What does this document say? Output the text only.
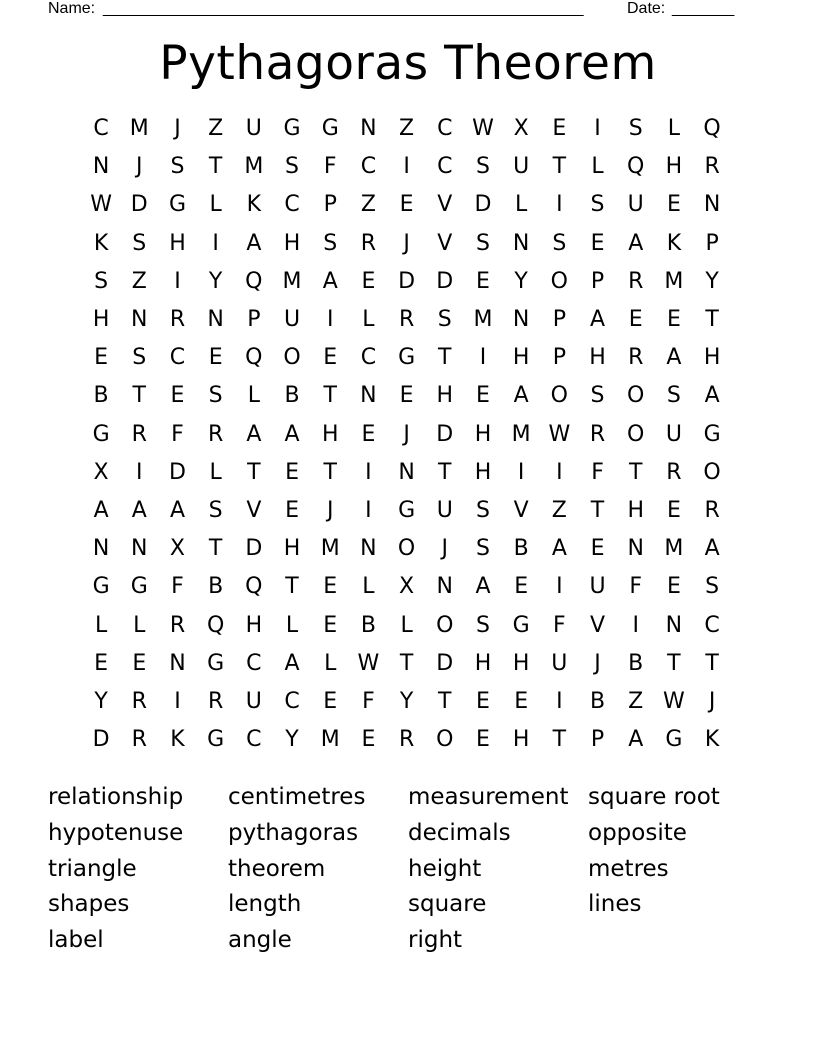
Name: ______________________________________________________	Date: _______
Pythagoras Theorem
C M	J	Z	U G G N	Z	C W X	E	I	S	L	Q
N	J	S	T M S	F	C	I	C	S	U	T	L	Q H	R
W D G	L	K	C	P	Z	E	V	D	L	I	S	U	E	N
K	S	H	I	A	H	S	R	J	V	S	N	S	E	A	K	P
S	Z	I	Y	Q M A	E	D D	E	Y	O	P	R M Y
H N	R	N	P	U	I	L	R	S M N	P	A	E	E	T
E	S	C	E	Q O	E	C G	T	I	H	P	H	R	A	H
B	T	E	S	L	B	T	N	E	H	E	A O	S	O	S	A
G	R	F	R	A	A	H	E	J	D H M W R O U G
X	I	D	L	T	E	T	I	N	T	H	I	I	F	T	R O
A	A	A	S	V	E	J	I	G U	S	V	Z	T	H	E	R
N N	X	T	D H M N O	J	S	B	A	E	N M A
G G	F	B Q	T	E	L	X	N	A	E	I	U	F	E	S
L	L	R Q H	L	E	B	L	O	S	G	F	V	I	N	C
E	E	N G C	A	L W T	D H H U	J	B	T	T
Y	R	I	R	U	C	E	F	Y	T	E	E	I	B	Z W	J
D	R	K	G C	Y M E	R O	E	H	T	P	A	G	K
relationship	centimetres	measurement square root
hypotenuse	pythagoras	decimals	opposite
triangle	theorem	height	metres
shapes	length	square	lines
label	angle	right
